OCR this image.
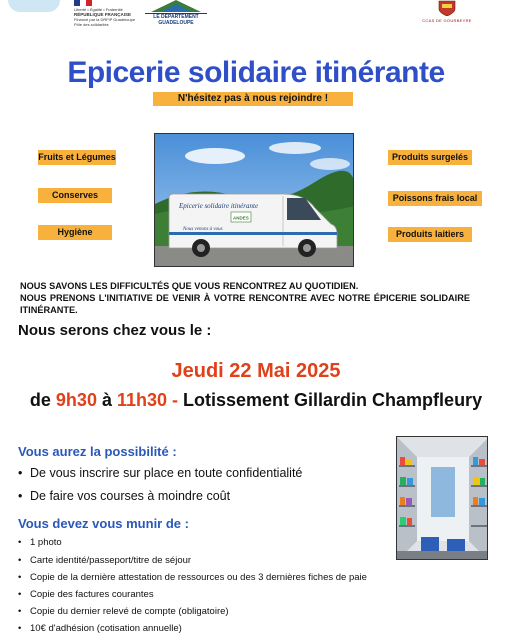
Liberté • Égalité • Fraternité
RÉPUBLIQUE FRANÇAISE
Financé par la DRFiP Guadeloupe
Pôle des solidarités
LE DÉPARTEMENT
GUADELOUPE	CCAS DE GOURBEYRE
Epicerie solidaire itinérante
N'hésitez pas à nous rejoindre !
Fruits et Légumes
Conserves
Hygiène
Produits surgelés
Poissons frais local
Produits laitiers
Epicerie solidaire itinérante
Nous venons à vous
ANDES
NOUS SAVONS LES DIFFICULTÉS QUE VOUS RENCONTREZ AU QUOTIDIEN.

NOUS PRENONS L'INITIATIVE DE VENIR À VOTRE RENCONTRE AVEC NOTRE ÉPICERIE SOLIDAIRE ITINÉRANTE.
Nous serons chez vous le :
Jeudi 22 Mai 2025
de 9h30 à 11h30 - Lotissement Gillardin Champfleury
Vous aurez la possibilité :
• De vous inscrire sur place en toute confidentialité
• De faire vos courses à moindre coût
Vous devez vous munir de :
• 1 photo
• Carte identité/passeport/titre de séjour
• Copie de la dernière attestation de ressources ou des 3 dernières fiches de paie
• Copie des factures courantes
• Copie du dernier relevé de compte (obligatoire)
• 10€ d'adhésion (cotisation annuelle)
